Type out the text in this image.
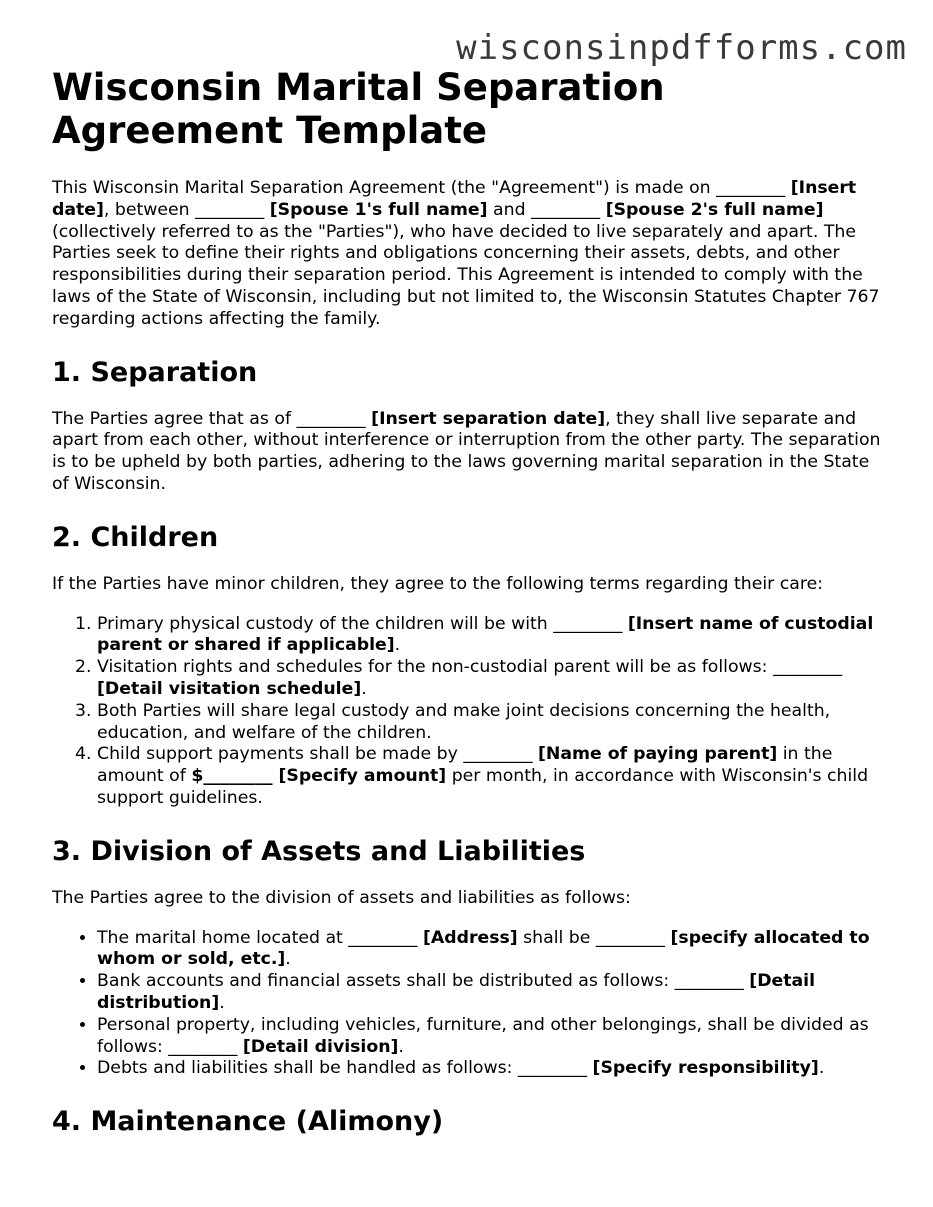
wisconsinpdfforms.com
Wisconsin Marital Separation Agreement Template

This Wisconsin Marital Separation Agreement (the "Agreement") is made on ________ [Insert date], between ________ [Spouse 1's full name] and ________ [Spouse 2's full name] (collectively referred to as the "Parties"), who have decided to live separately and apart. The Parties seek to define their rights and obligations concerning their assets, debts, and other responsibilities during their separation period. This Agreement is intended to comply with the laws of the State of Wisconsin, including but not limited to, the Wisconsin Statutes Chapter 767 regarding actions affecting the family.

1. Separation

The Parties agree that as of ________ [Insert separation date], they shall live separate and apart from each other, without interference or interruption from the other party. The separation is to be upheld by both parties, adhering to the laws governing marital separation in the State of Wisconsin.

2. Children

If the Parties have minor children, they agree to the following terms regarding their care:

1. Primary physical custody of the children will be with ________ [Insert name of custodial parent or shared if applicable].
2. Visitation rights and schedules for the non-custodial parent will be as follows: ________ [Detail visitation schedule].
3. Both Parties will share legal custody and make joint decisions concerning the health, education, and welfare of the children.
4. Child support payments shall be made by ________ [Name of paying parent] in the amount of $________ [Specify amount] per month, in accordance with Wisconsin's child support guidelines.
3. Division of Assets and Liabilities

The Parties agree to the division of assets and liabilities as follows:

• The marital home located at ________ [Address] shall be ________ [specify allocated to whom or sold, etc.].
• Bank accounts and financial assets shall be distributed as follows: ________ [Detail distribution].
• Personal property, including vehicles, furniture, and other belongings, shall be divided as follows: ________ [Detail division].
• Debts and liabilities shall be handled as follows: ________ [Specify responsibility].
4. Maintenance (Alimony)
